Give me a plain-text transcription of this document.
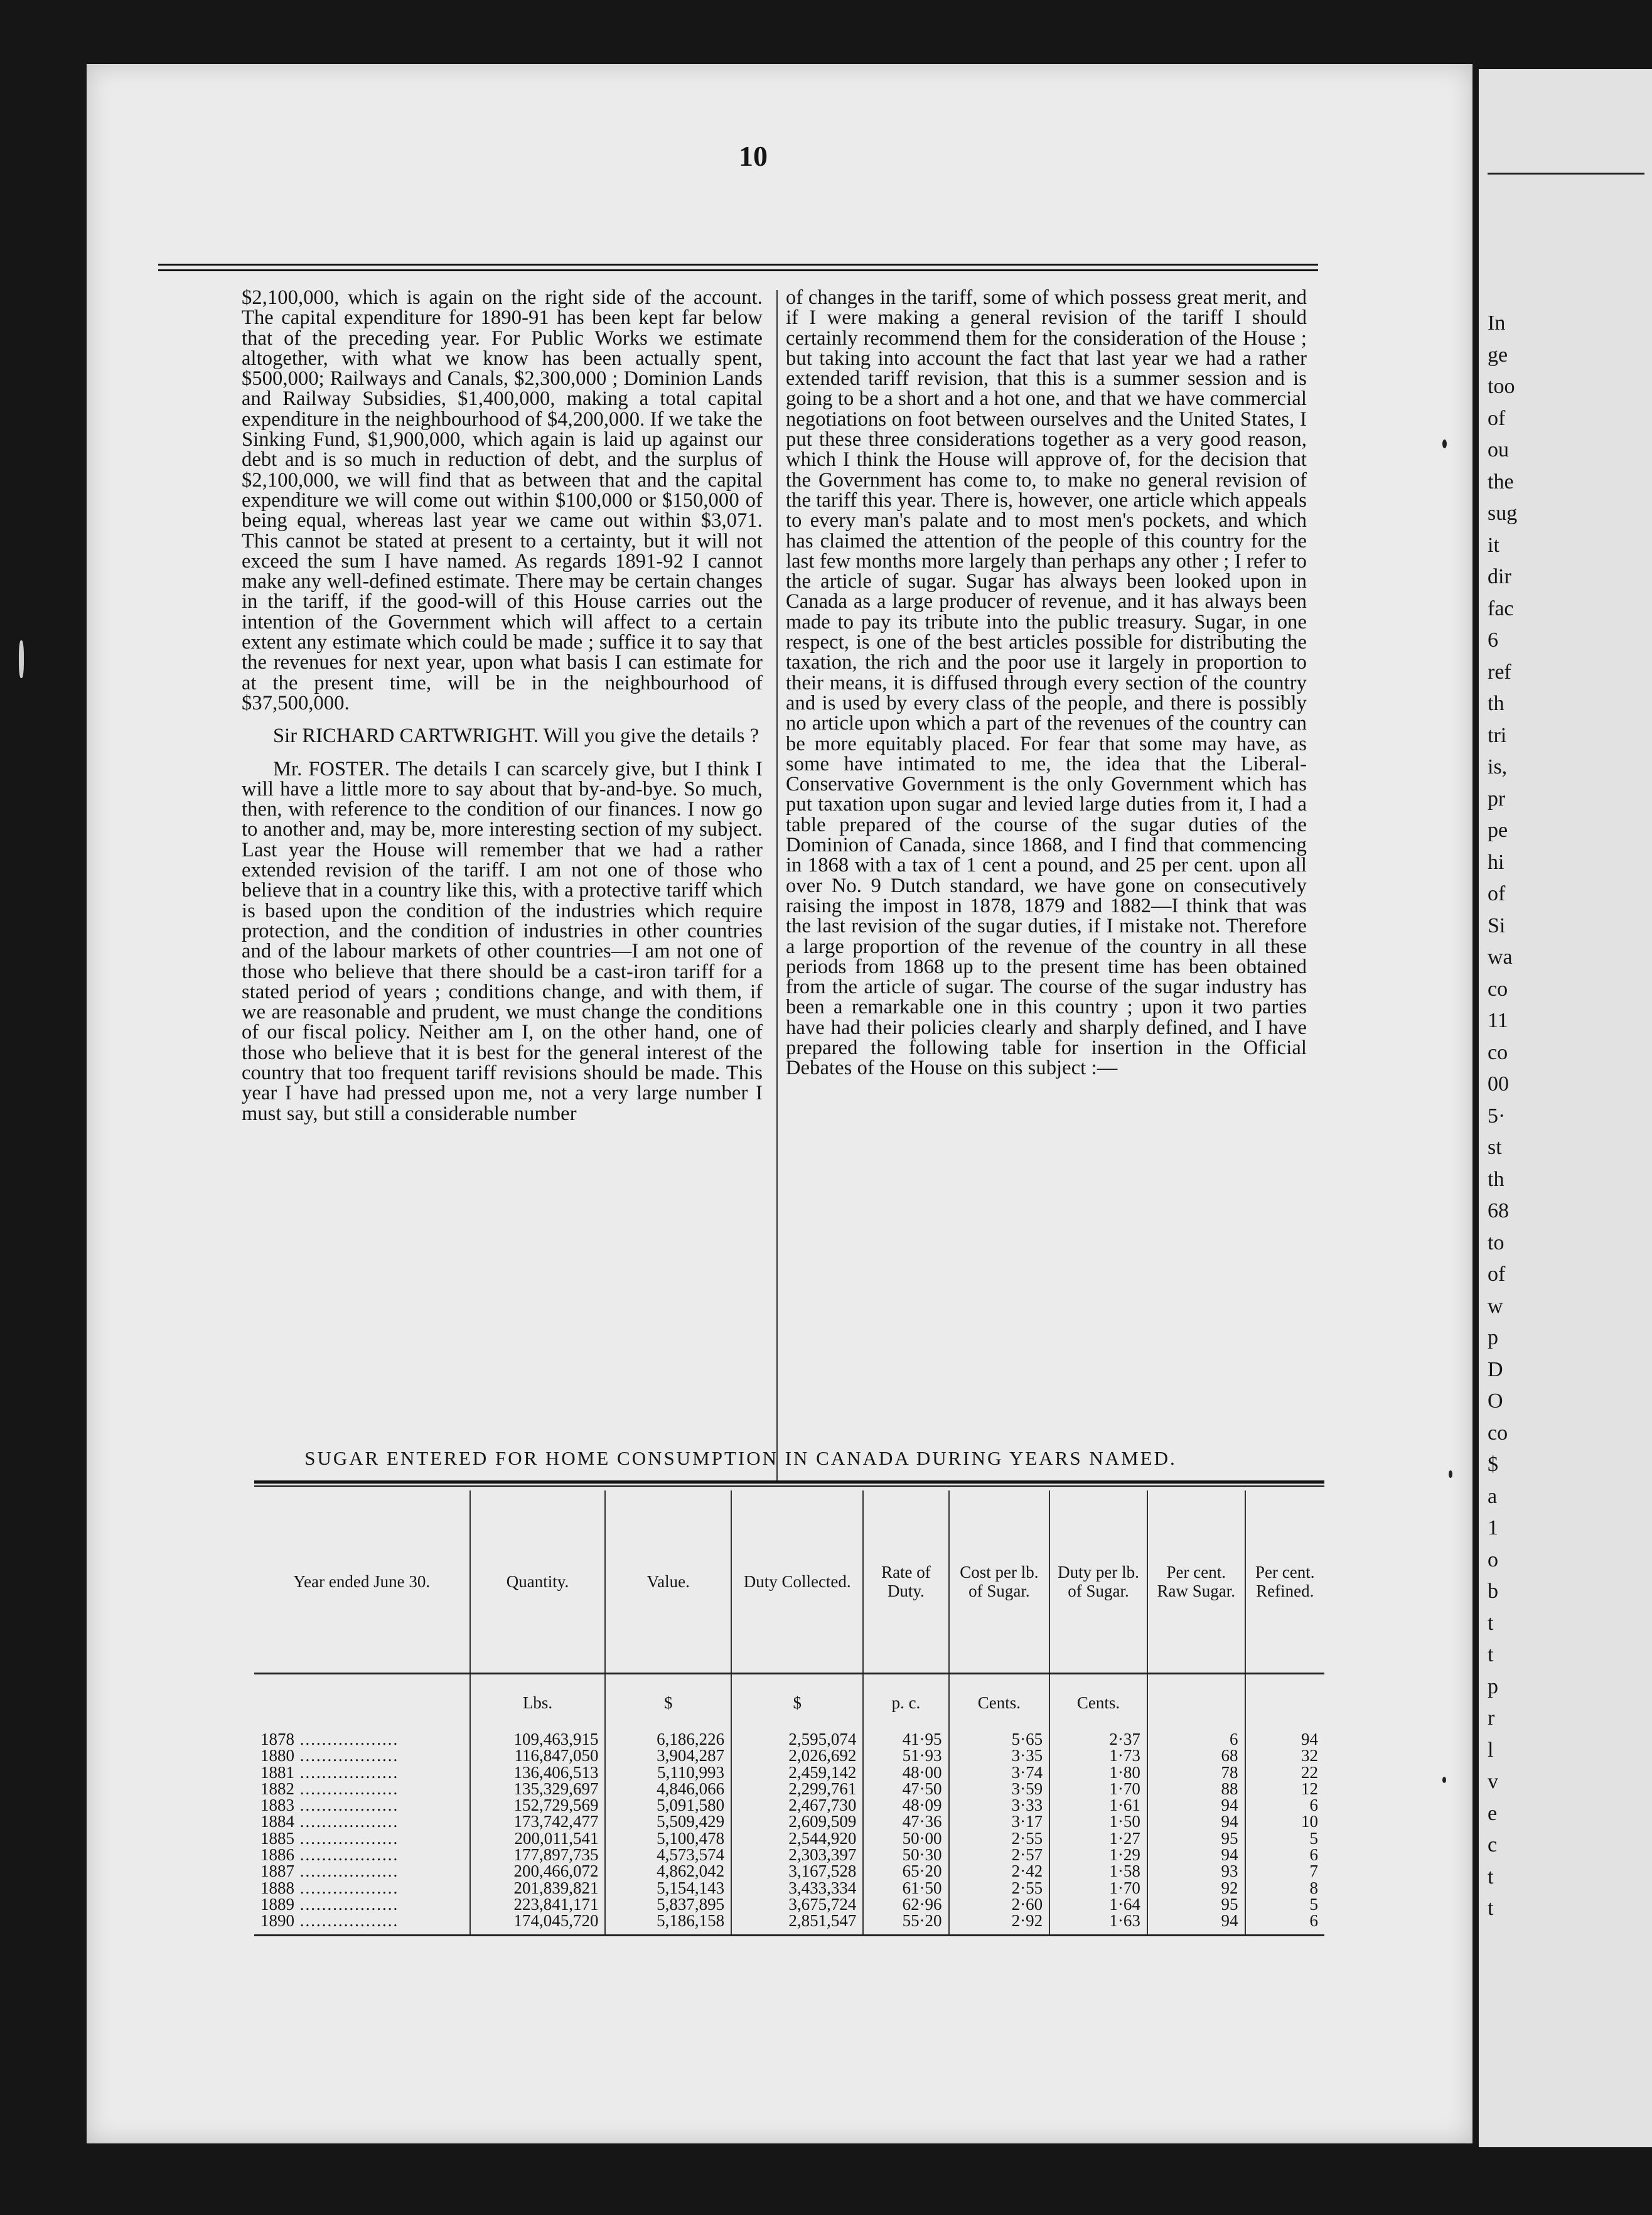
In
ge
too
of
ou
the
sug
it
dir
fac
6
ref
th
tri
is,
pr
pe
hi
of
Si
wa
co
11
co
00
5·
st
th
68
to
of
w
p
D
O
co
$
a
1
o
b
t
t
p
r
l
v
e
c
t
t
10

$2,100,000, which is again on the right side of the account. The capital expenditure for 1890-91 has been kept far below that of the preceding year. For Public Works we estimate altogether, with what we know has been actually spent, $500,000; Railways and Canals, $2,300,000 ; Dominion Lands and Railway Subsidies, $1,400,000, making a total capital expenditure in the neighbourhood of $4,200,000. If we take the Sinking Fund, $1,900,000, which again is laid up against our debt and is so much in reduction of debt, and the surplus of $2,100,000, we will find that as between that and the capital expenditure we will come out within $100,000 or $150,000 of being equal, whereas last year we came out within $3,071. This cannot be stated at present to a certainty, but it will not exceed the sum I have named. As regards 1891-92 I cannot make any well-defined estimate. There may be certain changes in the tariff, if the good-will of this House carries out the intention of the Government which will affect to a certain extent any estimate which could be made ; suffice it to say that the revenues for next year, upon what basis I can estimate for at the present time, will be in the neighbourhood of $37,500,000.

Sir RICHARD CARTWRIGHT. Will you give the details ?

Mr. FOSTER. The details I can scarcely give, but I think I will have a little more to say about that by-and-bye. So much, then, with reference to the condition of our finances. I now go to another and, may be, more interesting section of my subject. Last year the House will remember that we had a rather extended revision of the tariff. I am not one of those who believe that in a country like this, with a protective tariff which is based upon the condition of the industries which require protection, and the condition of industries in other countries and of the labour markets of other countries—I am not one of those who believe that there should be a cast-iron tariff for a stated period of years ; conditions change, and with them, if we are reasonable and prudent, we must change the conditions of our fiscal policy. Neither am I, on the other hand, one of those who believe that it is best for the general interest of the country that too frequent tariff revisions should be made. This year I have had pressed upon me, not a very large number I must say, but still a considerable number

of changes in the tariff, some of which possess great merit, and if I were making a general revision of the tariff I should certainly recommend them for the consideration of the House ; but taking into account the fact that last year we had a rather extended tariff revision, that this is a summer session and is going to be a short and a hot one, and that we have commercial negotiations on foot between ourselves and the United States, I put these three considerations together as a very good reason, which I think the House will approve of, for the decision that the Government has come to, to make no general revision of the tariff this year. There is, however, one article which appeals to every man's palate and to most men's pockets, and which has claimed the attention of the people of this country for the last few months more largely than perhaps any other ; I refer to the article of sugar. Sugar has always been looked upon in Canada as a large producer of revenue, and it has always been made to pay its tribute into the public treasury. Sugar, in one respect, is one of the best articles possible for distributing the taxation, the rich and the poor use it largely in proportion to their means, it is diffused through every section of the country and is used by every class of the people, and there is possibly no article upon which a part of the revenues of the country can be more equitably placed. For fear that some may have, as some have intimated to me, the idea that the Liberal-Conservative Government is the only Government which has put taxation upon sugar and levied large duties from it, I had a table prepared of the course of the sugar duties of the Dominion of Canada, since 1868, and I find that commencing in 1868 with a tax of 1 cent a pound, and 25 per cent. upon all over No. 9 Dutch standard, we have gone on consecutively raising the impost in 1878, 1879 and 1882—I think that was the last revision of the sugar duties, if I mistake not. Therefore a large proportion of the revenue of the country in all these periods from 1868 up to the present time has been obtained from the article of sugar. The course of the sugar industry has been a remarkable one in this country ; upon it two parties have had their policies clearly and sharply defined, and I have prepared the following table for insertion in the Official Debates of the House on this subject :—

SUGAR ENTERED FOR HOME CONSUMPTION IN CANADA DURING YEARS NAMED.
Year ended June 30.	Quantity.	Value.	Duty Collected.	Rate of Duty.	Cost per lb. of Sugar.	Duty per lb. of Sugar.	Per cent. Raw Sugar.	Per cent. Refined.
	Lbs.	$	$	p. c.	Cents.	Cents.		
1878 ..................	109,463,915	6,186,226	2,595,074	41·95	5·65	2·37	6	94
1880 ..................	116,847,050	3,904,287	2,026,692	51·93	3·35	1·73	68	32
1881 ..................	136,406,513	5,110,993	2,459,142	48·00	3·74	1·80	78	22
1882 ..................	135,329,697	4,846,066	2,299,761	47·50	3·59	1·70	88	12
1883 ..................	152,729,569	5,091,580	2,467,730	48·09	3·33	1·61	94	6
1884 ..................	173,742,477	5,509,429	2,609,509	47·36	3·17	1·50	94	10
1885 ..................	200,011,541	5,100,478	2,544,920	50·00	2·55	1·27	95	5
1886 ..................	177,897,735	4,573,574	2,303,397	50·30	2·57	1·29	94	6
1887 ..................	200,466,072	4,862,042	3,167,528	65·20	2·42	1·58	93	7
1888 ..................	201,839,821	5,154,143	3,433,334	61·50	2·55	1·70	92	8
1889 ..................	223,841,171	5,837,895	3,675,724	62·96	2·60	1·64	95	5
1890 ..................	174,045,720	5,186,158	2,851,547	55·20	2·92	1·63	94	6
